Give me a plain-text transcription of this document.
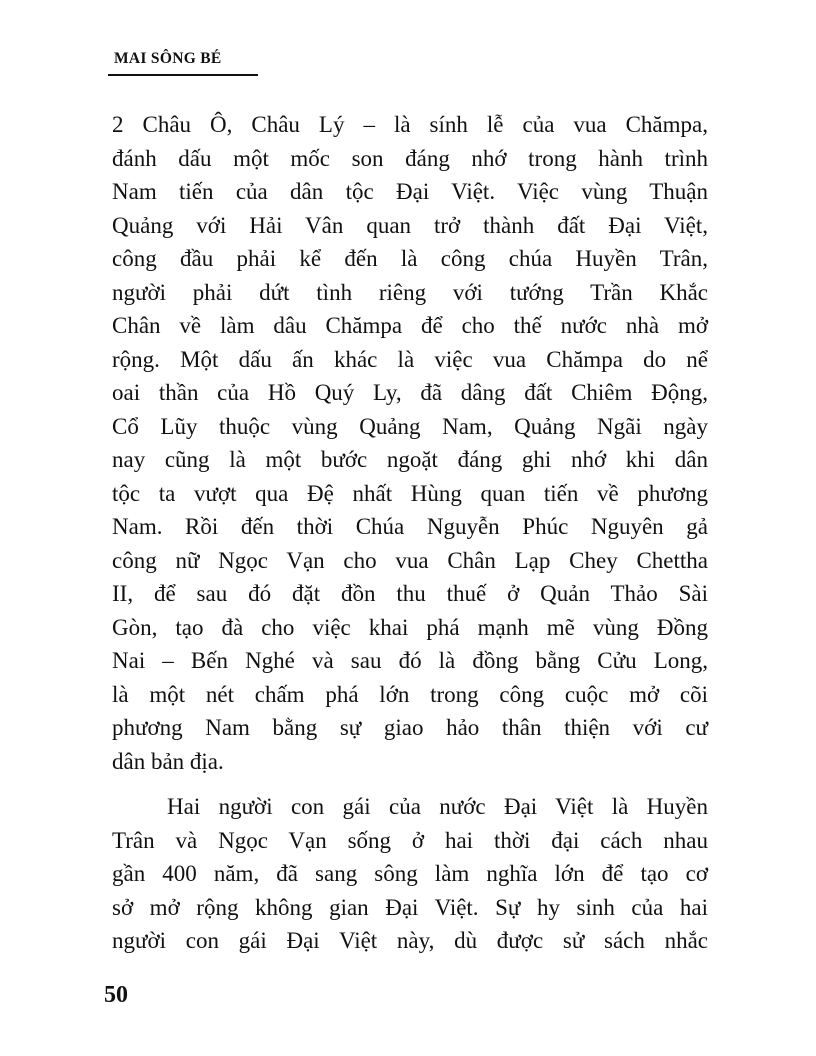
MAI SÔNG BÉ
2 Châu Ô, Châu Lý – là sính lễ của vua Chămpa,
đánh dấu một mốc son đáng nhớ trong hành trình
Nam tiến của dân tộc Đại Việt. Việc vùng Thuận
Quảng với Hải Vân quan trở thành đất Đại Việt,
công đầu phải kể đến là công chúa Huyền Trân,
người phải dứt tình riêng với tướng Trần Khắc
Chân về làm dâu Chămpa để cho thế nước nhà mở
rộng. Một dấu ấn khác là việc vua Chămpa do nể
oai thần của Hồ Quý Ly, đã dâng đất Chiêm Động,
Cổ Lũy thuộc vùng Quảng Nam, Quảng Ngãi ngày
nay cũng là một bước ngoặt đáng ghi nhớ khi dân
tộc ta vượt qua Đệ nhất Hùng quan tiến về phương
Nam. Rồi đến thời Chúa Nguyễn Phúc Nguyên gả
công nữ Ngọc Vạn cho vua Chân Lạp Chey Chettha
II, để sau đó đặt đồn thu thuế ở Quản Thảo Sài
Gòn, tạo đà cho việc khai phá mạnh mẽ vùng Đồng
Nai – Bến Nghé và sau đó là đồng bằng Cửu Long,
là một nét chấm phá lớn trong công cuộc mở cõi
phương Nam bằng sự giao hảo thân thiện với cư
dân bản địa.
Hai người con gái của nước Đại Việt là Huyền
Trân và Ngọc Vạn sống ở hai thời đại cách nhau
gần 400 năm, đã sang sông làm nghĩa lớn để tạo cơ
sở mở rộng không gian Đại Việt. Sự hy sinh của hai
người con gái Đại Việt này, dù được sử sách nhắc
50
